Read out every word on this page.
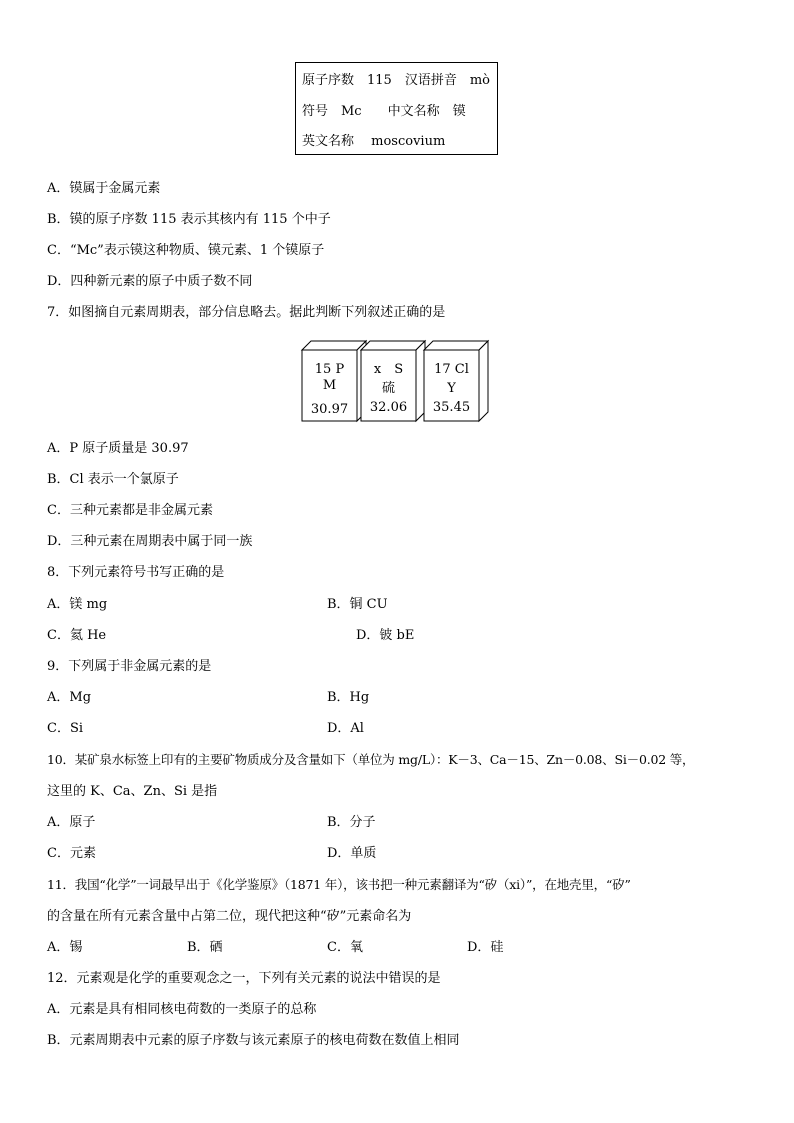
原子序数　115　汉语拼音　mò
符号　Mc　　中文名称　镆
英文名称　 moscovium
A．镆属于金属元素
B．镆的原子序数 115 表示其核内有 115 个中子
C．“Mc”表示镆这种物质、镆元素、1 个镆原子
D．四种新元素的原子中质子数不同
7．如图摘自元素周期表，部分信息略去。据此判断下列叙述正确的是
15 P
M
30.97
x　S
硫
32.06
17 Cl
Y
35.45
A．P 原子质量是 30.97
B．Cl 表示一个氯原子
C．三种元素都是非金属元素
D．三种元素在周期表中属于同一族
8．下列元素符号书写正确的是
A．镁 mg	B．铜 CU
C．氦 He	D．铍 bE
9．下列属于非金属元素的是
A．Mg	B．Hg
C．Si	D．Al
10．某矿泉水标签上印有的主要矿物质成分及含量如下（单位为 mg/L）：K－3、Ca－15、Zn－0.08、Si－0.02 等，
这里的 K、Ca、Zn、Si 是指
A．原子	B．分子
C．元素	D．单质
11．我国“化学”一词最早出于《化学鉴原》（1871 年），该书把一种元素翻译为“矽（xi）”，在地壳里，“矽”
的含量在所有元素含量中占第二位，现代把这种“矽”元素命名为
A．锡	B．硒	C．氧	D．硅
12．元素观是化学的重要观念之一，下列有关元素的说法中错误的是
A．元素是具有相同核电荷数的一类原子的总称
B．元素周期表中元素的原子序数与该元素原子的核电荷数在数值上相同
